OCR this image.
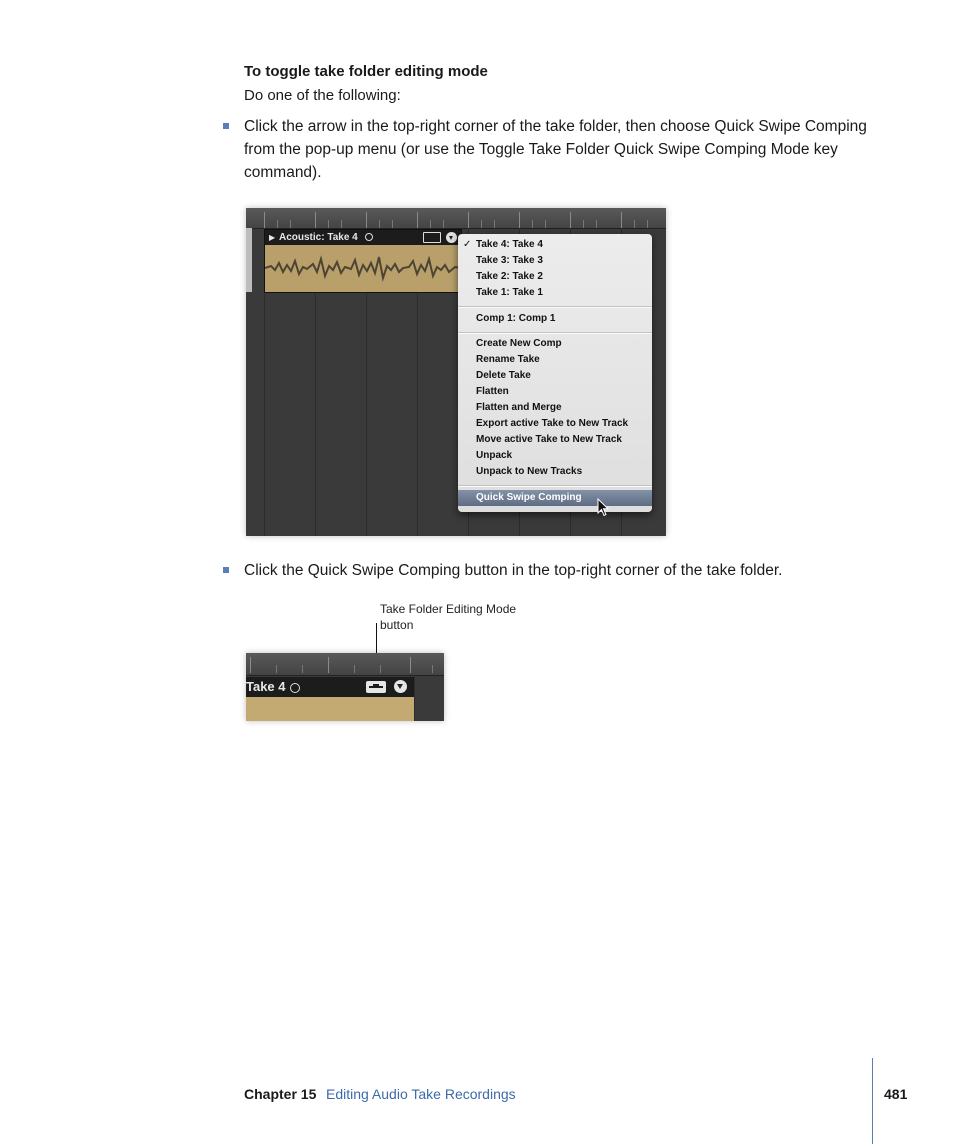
To toggle take folder editing mode
Do one of the following:
Click the arrow in the top-right corner of the take folder, then choose Quick Swipe Comping from the pop-up menu (or use the Toggle Take Folder Quick Swipe Comping Mode key command).
▶ Acoustic: Take 4
✓ Take 4: Take 4
Take 3: Take 3
Take 2: Take 2
Take 1: Take 1
Comp 1: Comp 1
Create New Comp
Rename Take
Delete Take
Flatten
Flatten and Merge
Export active Take to New Track
Move active Take to New Track
Unpack
Unpack to New Tracks
Quick Swipe Comping
Click the Quick Swipe Comping button in the top-right corner of the take folder.
Take Folder Editing Mode button
Take 4
Chapter 15 Editing Audio Take Recordings	481
